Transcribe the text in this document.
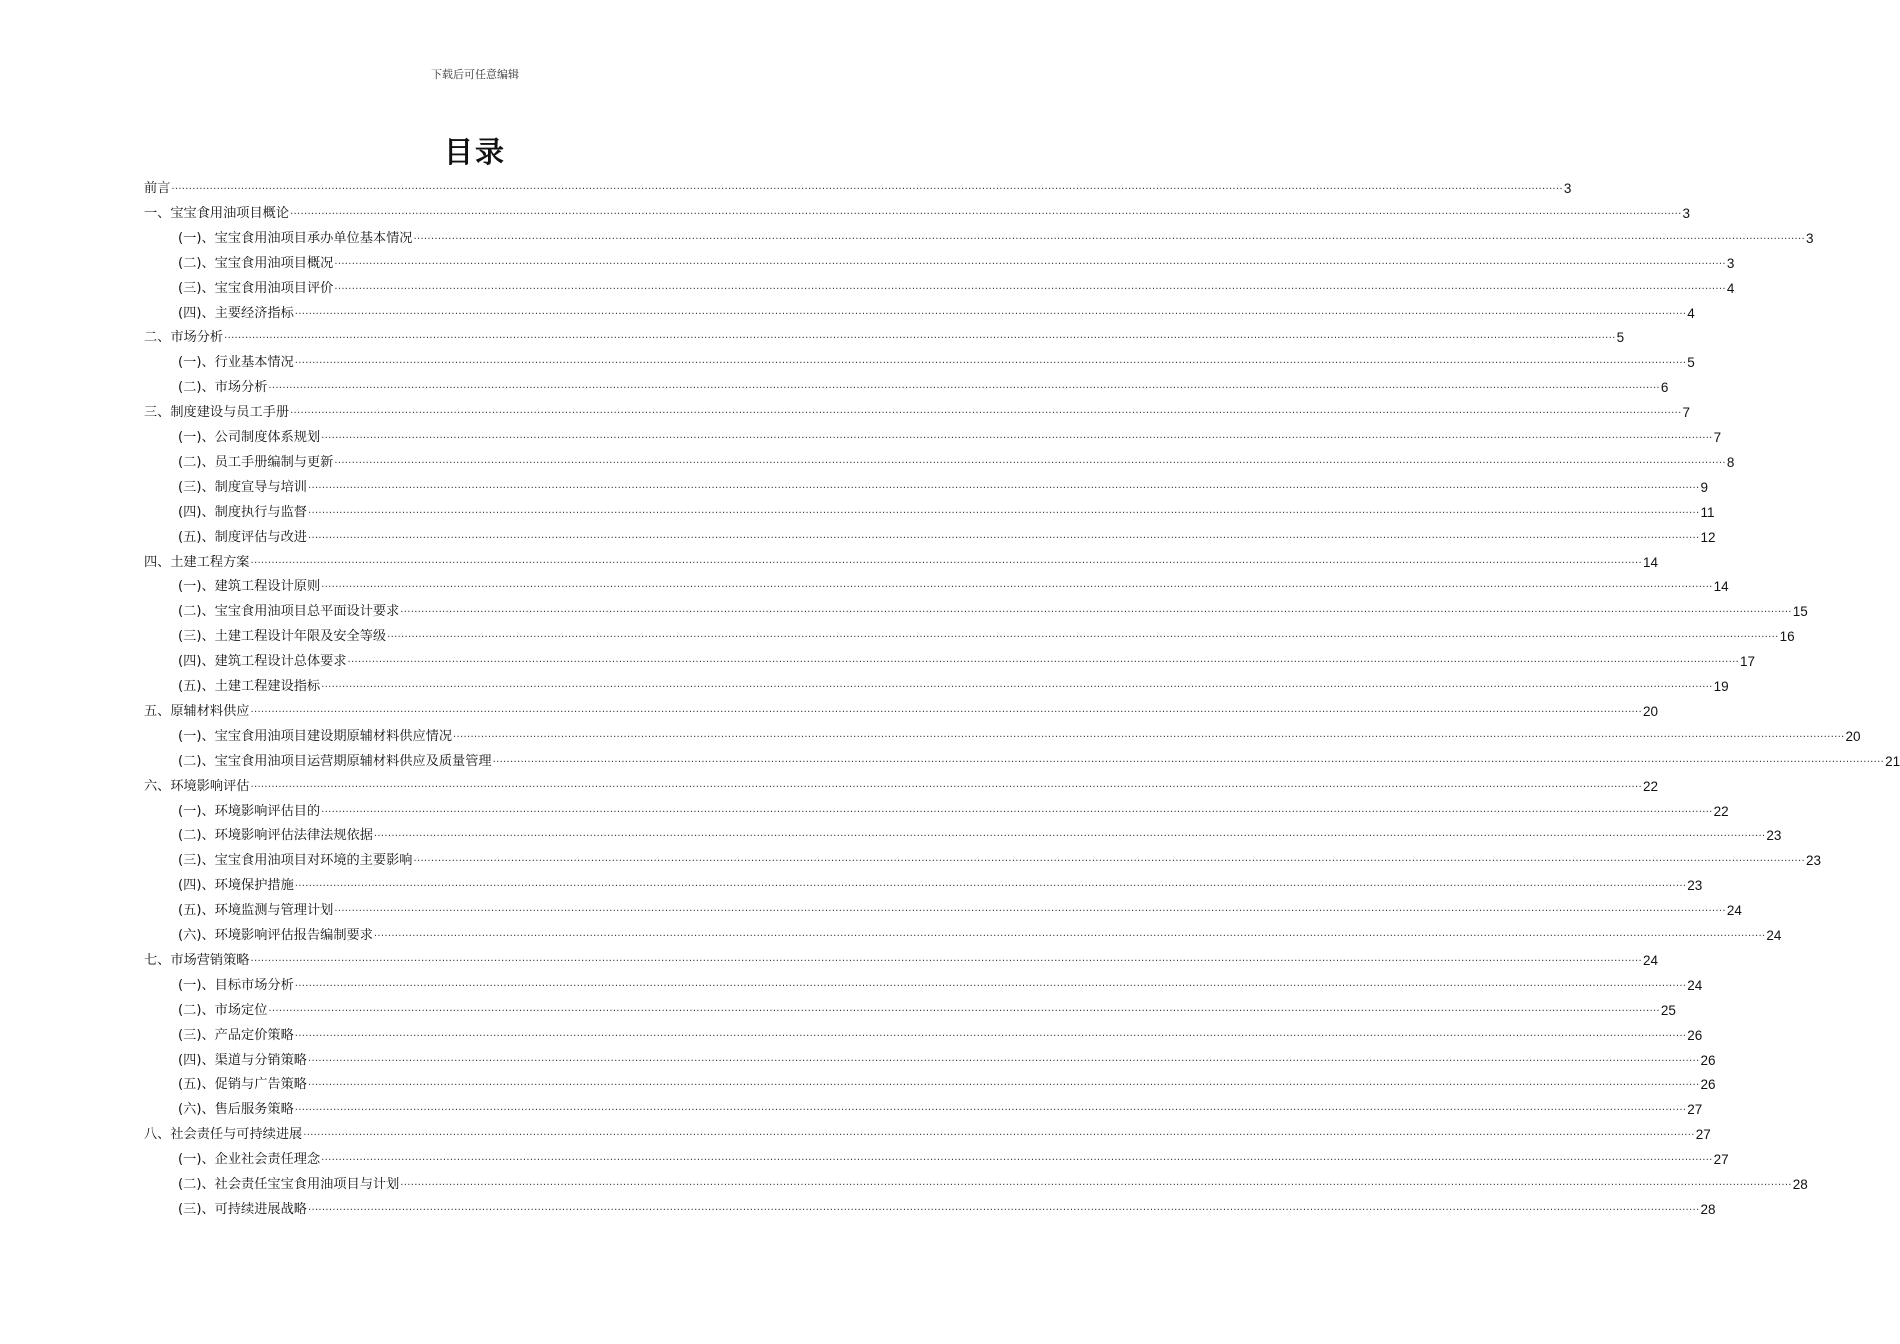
下载后可任意编辑
目录
前言 ................................................................................................................................................................................................................................................................................................................................................................................................................ 3
一、宝宝食用油项目概论 ................................................................................................................................................................................................................................................................................................................................................................................................................ 3
(一)、宝宝食用油项目承办单位基本情况 ................................................................................................................................................................................................................................................................................................................................................................................................................ 3
(二)、宝宝食用油项目概况 ................................................................................................................................................................................................................................................................................................................................................................................................................ 3
(三)、宝宝食用油项目评价 ................................................................................................................................................................................................................................................................................................................................................................................................................ 4
(四)、主要经济指标 ................................................................................................................................................................................................................................................................................................................................................................................................................ 4
二、市场分析 ................................................................................................................................................................................................................................................................................................................................................................................................................ 5
(一)、行业基本情况 ................................................................................................................................................................................................................................................................................................................................................................................................................ 5
(二)、市场分析 ................................................................................................................................................................................................................................................................................................................................................................................................................ 6
三、制度建设与员工手册 ................................................................................................................................................................................................................................................................................................................................................................................................................ 7
(一)、公司制度体系规划 ................................................................................................................................................................................................................................................................................................................................................................................................................ 7
(二)、员工手册编制与更新 ................................................................................................................................................................................................................................................................................................................................................................................................................ 8
(三)、制度宣导与培训 ................................................................................................................................................................................................................................................................................................................................................................................................................ 9
(四)、制度执行与监督 ................................................................................................................................................................................................................................................................................................................................................................................................................ 11
(五)、制度评估与改进 ................................................................................................................................................................................................................................................................................................................................................................................................................ 12
四、土建工程方案 ................................................................................................................................................................................................................................................................................................................................................................................................................ 14
(一)、建筑工程设计原则 ................................................................................................................................................................................................................................................................................................................................................................................................................ 14
(二)、宝宝食用油项目总平面设计要求 ................................................................................................................................................................................................................................................................................................................................................................................................................ 15
(三)、土建工程设计年限及安全等级 ................................................................................................................................................................................................................................................................................................................................................................................................................ 16
(四)、建筑工程设计总体要求 ................................................................................................................................................................................................................................................................................................................................................................................................................ 17
(五)、土建工程建设指标 ................................................................................................................................................................................................................................................................................................................................................................................................................ 19
五、原辅材料供应 ................................................................................................................................................................................................................................................................................................................................................................................................................ 20
(一)、宝宝食用油项目建设期原辅材料供应情况 ................................................................................................................................................................................................................................................................................................................................................................................................................ 20
(二)、宝宝食用油项目运营期原辅材料供应及质量管理 ................................................................................................................................................................................................................................................................................................................................................................................................................ 21
六、环境影响评估 ................................................................................................................................................................................................................................................................................................................................................................................................................ 22
(一)、环境影响评估目的 ................................................................................................................................................................................................................................................................................................................................................................................................................ 22
(二)、环境影响评估法律法规依据 ................................................................................................................................................................................................................................................................................................................................................................................................................ 23
(三)、宝宝食用油项目对环境的主要影响 ................................................................................................................................................................................................................................................................................................................................................................................................................ 23
(四)、环境保护措施 ................................................................................................................................................................................................................................................................................................................................................................................................................ 23
(五)、环境监测与管理计划 ................................................................................................................................................................................................................................................................................................................................................................................................................ 24
(六)、环境影响评估报告编制要求 ................................................................................................................................................................................................................................................................................................................................................................................................................ 24
七、市场营销策略 ................................................................................................................................................................................................................................................................................................................................................................................................................ 24
(一)、目标市场分析 ................................................................................................................................................................................................................................................................................................................................................................................................................ 24
(二)、市场定位 ................................................................................................................................................................................................................................................................................................................................................................................................................ 25
(三)、产品定价策略 ................................................................................................................................................................................................................................................................................................................................................................................................................ 26
(四)、渠道与分销策略 ................................................................................................................................................................................................................................................................................................................................................................................................................ 26
(五)、促销与广告策略 ................................................................................................................................................................................................................................................................................................................................................................................................................ 26
(六)、售后服务策略 ................................................................................................................................................................................................................................................................................................................................................................................................................ 27
八、社会责任与可持续进展 ................................................................................................................................................................................................................................................................................................................................................................................................................ 27
(一)、企业社会责任理念 ................................................................................................................................................................................................................................................................................................................................................................................................................ 27
(二)、社会责任宝宝食用油项目与计划 ................................................................................................................................................................................................................................................................................................................................................................................................................ 28
(三)、可持续进展战略 ................................................................................................................................................................................................................................................................................................................................................................................................................ 28
